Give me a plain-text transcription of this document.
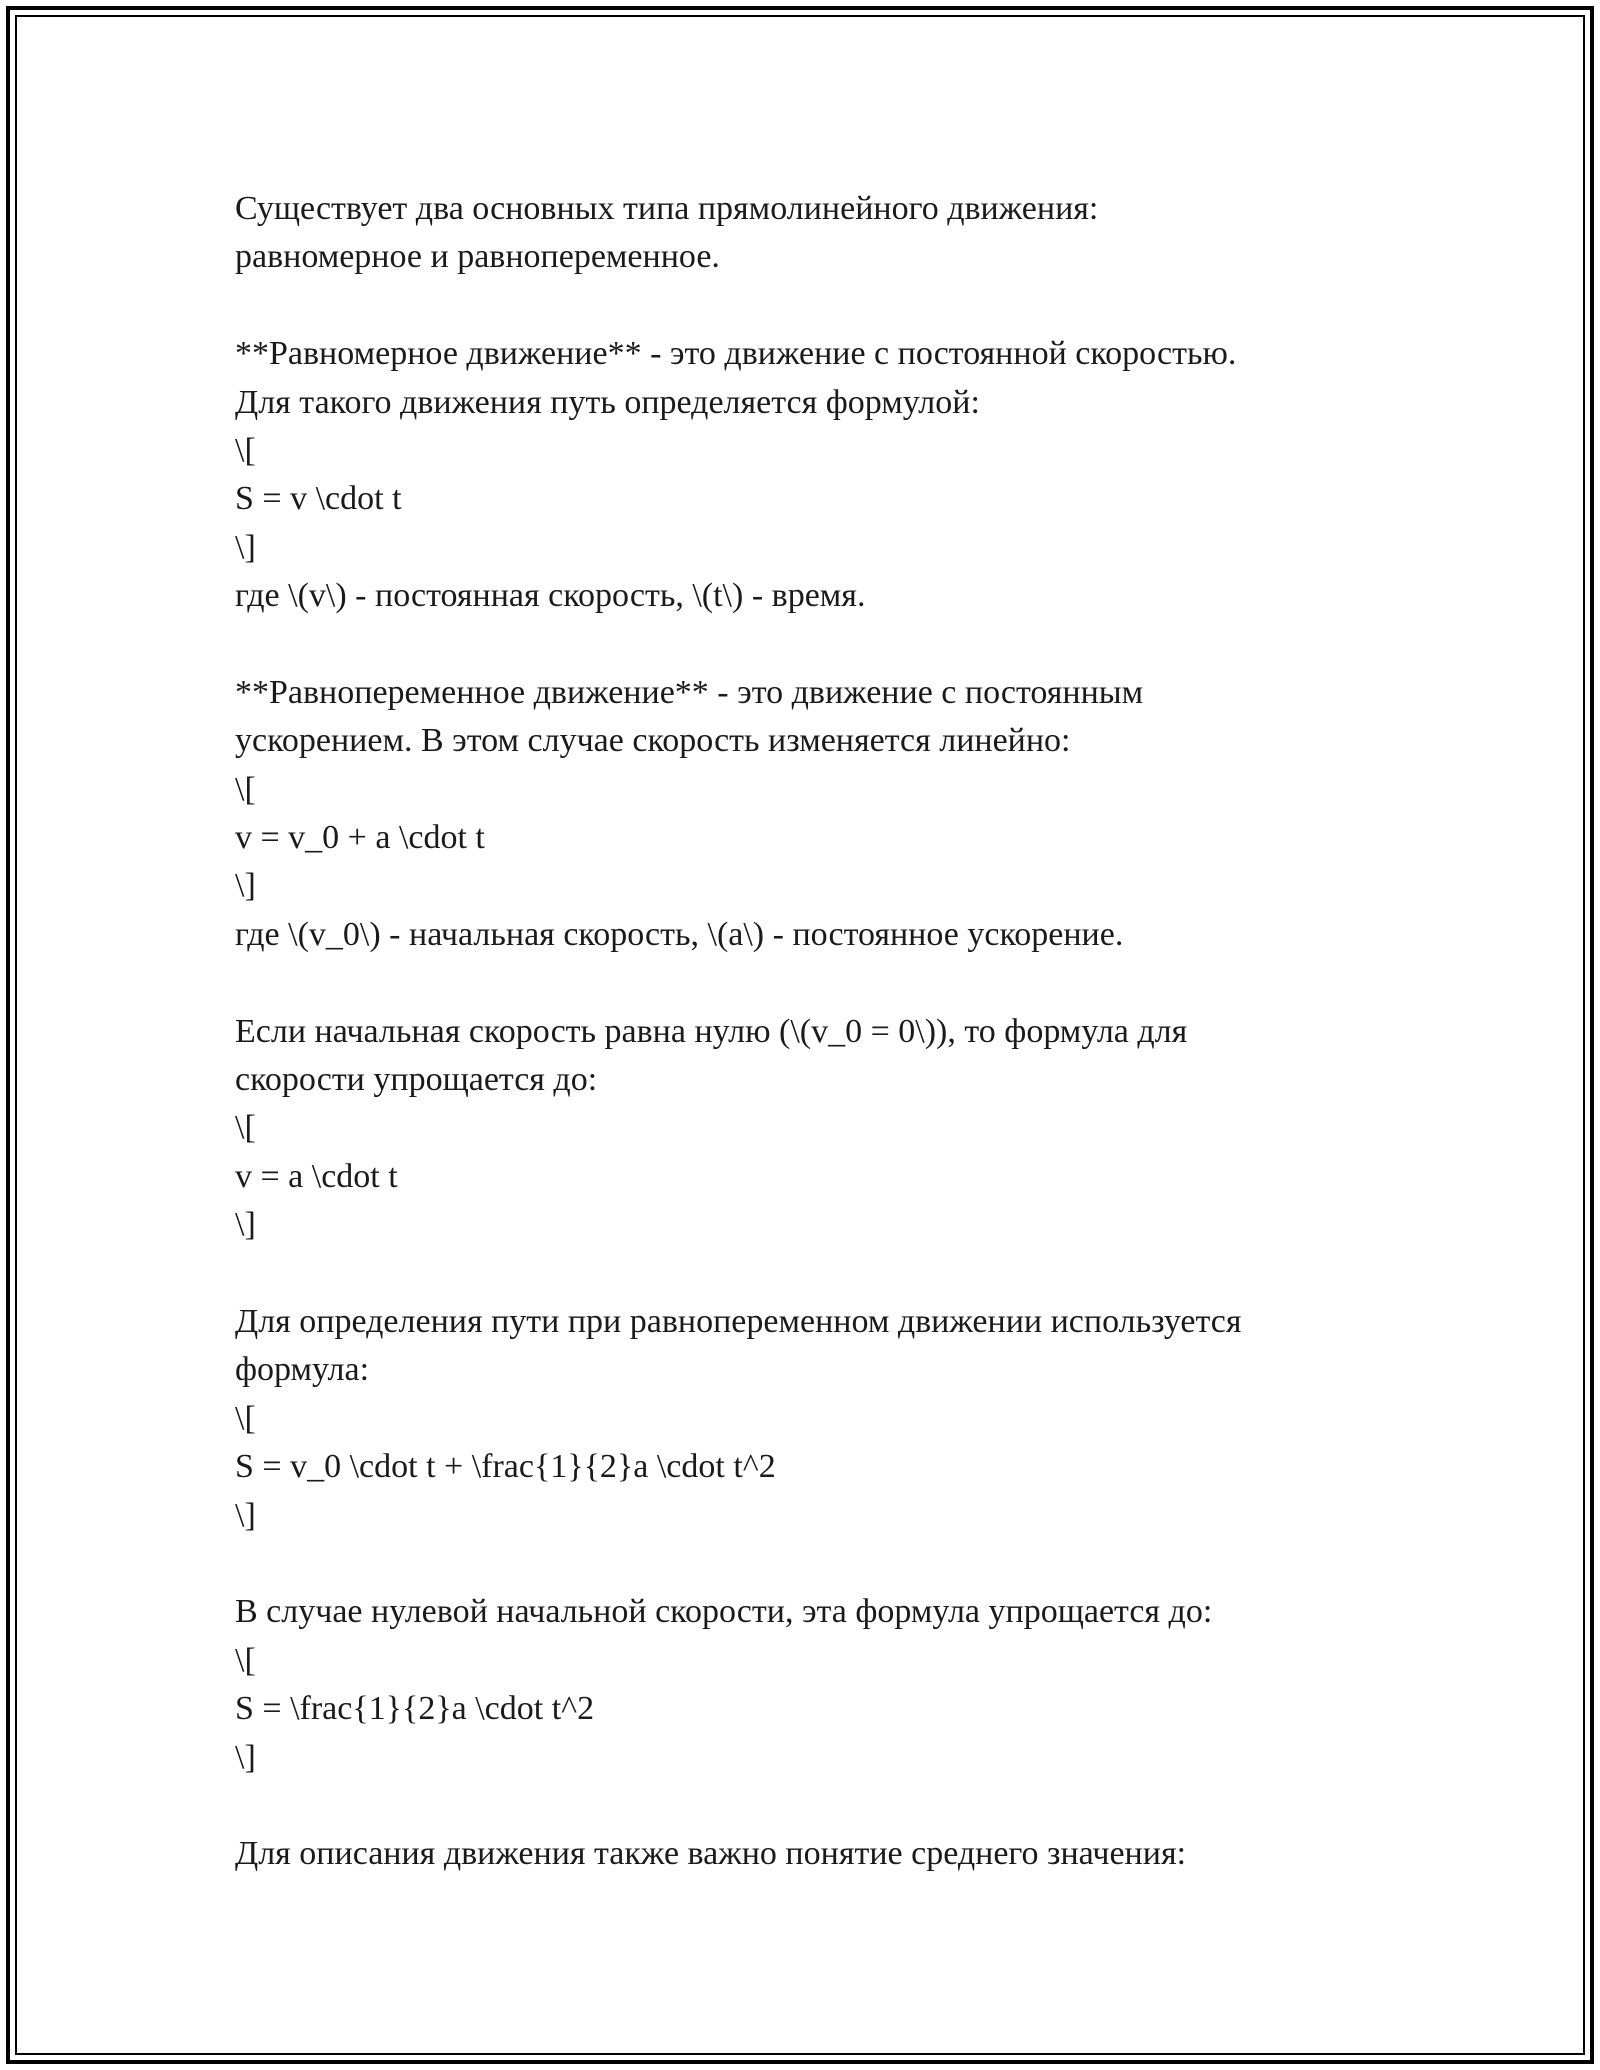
Существует два основных типа прямолинейного движения:
равномерное и равнопеременное.
**Равномерное движение** - это движение с постоянной скоростью.
Для такого движения путь определяется формулой:
\[
S = v \cdot t
\]
где \(v\) - постоянная скорость, \(t\) - время.
**Равнопеременное движение** - это движение с постоянным
ускорением. В этом случае скорость изменяется линейно:
\[
v = v_0 + a \cdot t
\]
где \(v_0\) - начальная скорость, \(a\) - постоянное ускорение.
Если начальная скорость равна нулю (\(v_0 = 0\)), то формула для
скорости упрощается до:
\[
v = a \cdot t
\]
Для определения пути при равнопеременном движении используется
формула:
\[
S = v_0 \cdot t + \frac{1}{2}a \cdot t^2
\]
В случае нулевой начальной скорости, эта формула упрощается до:
\[
S = \frac{1}{2}a \cdot t^2
\]
Для описания движения также важно понятие среднего значения:
